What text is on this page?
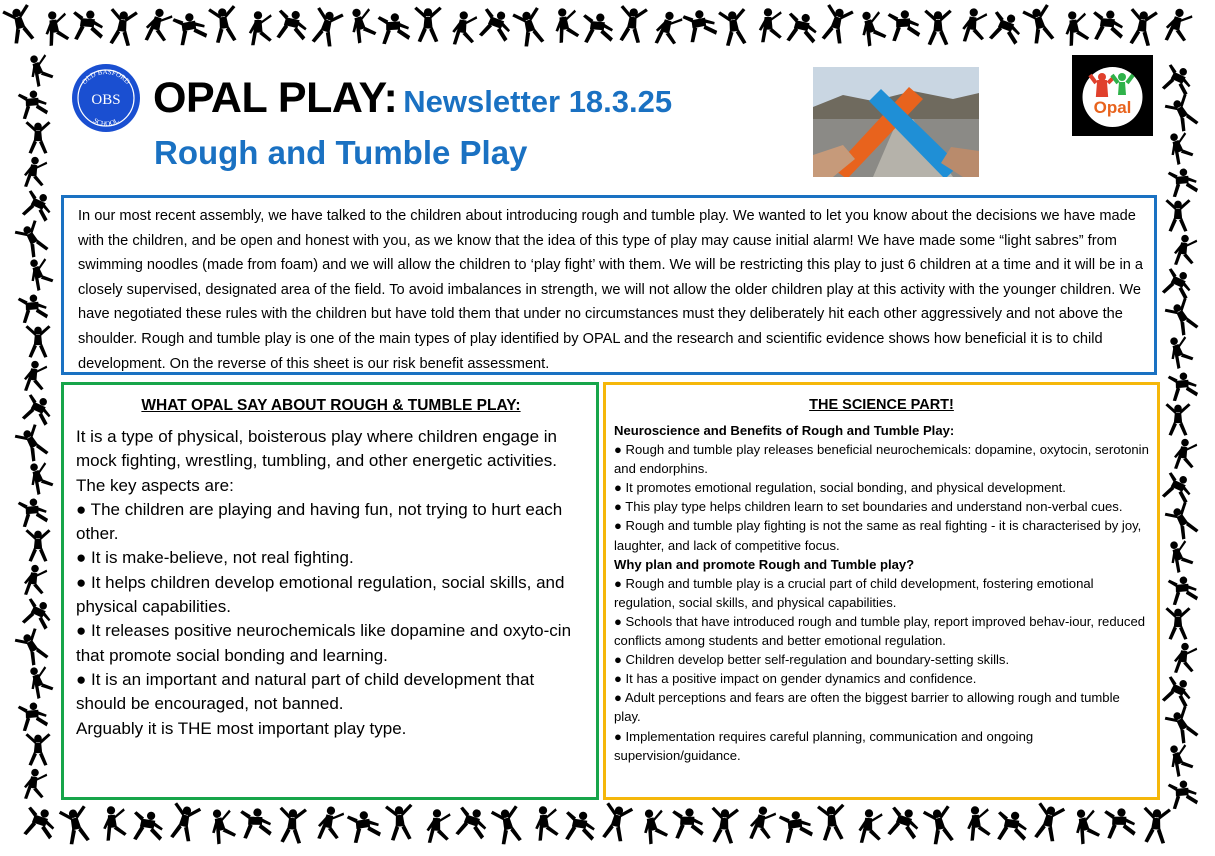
OLD BASFORD
SCHOOL
OBS OPAL PLAY: Newsletter 18.3.25
Rough and Tumble Play
Opal

In our most recent assembly, we have talked to the children about introducing rough and tumble play. We wanted to let you know about the decisions we have made with the children, and be open and honest with you, as we know that the idea of this type of play may cause initial alarm! We have made some “light sabres” from swimming noodles (made from foam) and we will allow the children to ‘play fight’ with them. We will be restricting this play to just 6 children at a time and it will be in a closely supervised, designated area of the field. To avoid imbalances in strength, we will not allow the older children play at this activity with the younger children. We have negotiated these rules with the children but have told them that under no circumstances must they deliberately hit each other aggressively and not above the shoulder. Rough and tumble play is one of the main types of play identified by OPAL and the research and scientific evidence shows how beneficial it is to child development. On the reverse of this sheet is our risk benefit assessment.

WHAT OPAL SAY ABOUT ROUGH & TUMBLE PLAY:

It is a type of physical, boisterous play where children engage in mock fighting, wrestling, tumbling, and other energetic activities.

The key aspects are:

● The children are playing and having fun, not trying to hurt each other.

● It is make-believe, not real fighting.

● It helps children develop emotional regulation, social skills, and physical capabilities.

● It releases positive neurochemicals like dopamine and oxyto-cin that promote social bonding and learning.

● It is an important and natural part of child development that should be encouraged, not banned.

Arguably it is THE most important play type.

THE SCIENCE PART!

Neuroscience and Benefits of Rough and Tumble Play:

● Rough and tumble play releases beneficial neurochemicals: dopamine, oxytocin, serotonin and endorphins.

● It promotes emotional regulation, social bonding, and physical development.

● This play type helps children learn to set boundaries and understand non-verbal cues.

● Rough and tumble play fighting is not the same as real fighting - it is characterised by joy, laughter, and lack of competitive focus.

Why plan and promote Rough and Tumble play?

● Rough and tumble play is a crucial part of child development, fostering emotional regulation, social skills, and physical capabilities.

● Schools that have introduced rough and tumble play, report improved behav-iour, reduced conflicts among students and better emotional regulation.

● Children develop better self-regulation and boundary-setting skills.

● It has a positive impact on gender dynamics and confidence.

● Adult perceptions and fears are often the biggest barrier to allowing rough and tumble play.

● Implementation requires careful planning, communication and ongoing supervision/guidance.
